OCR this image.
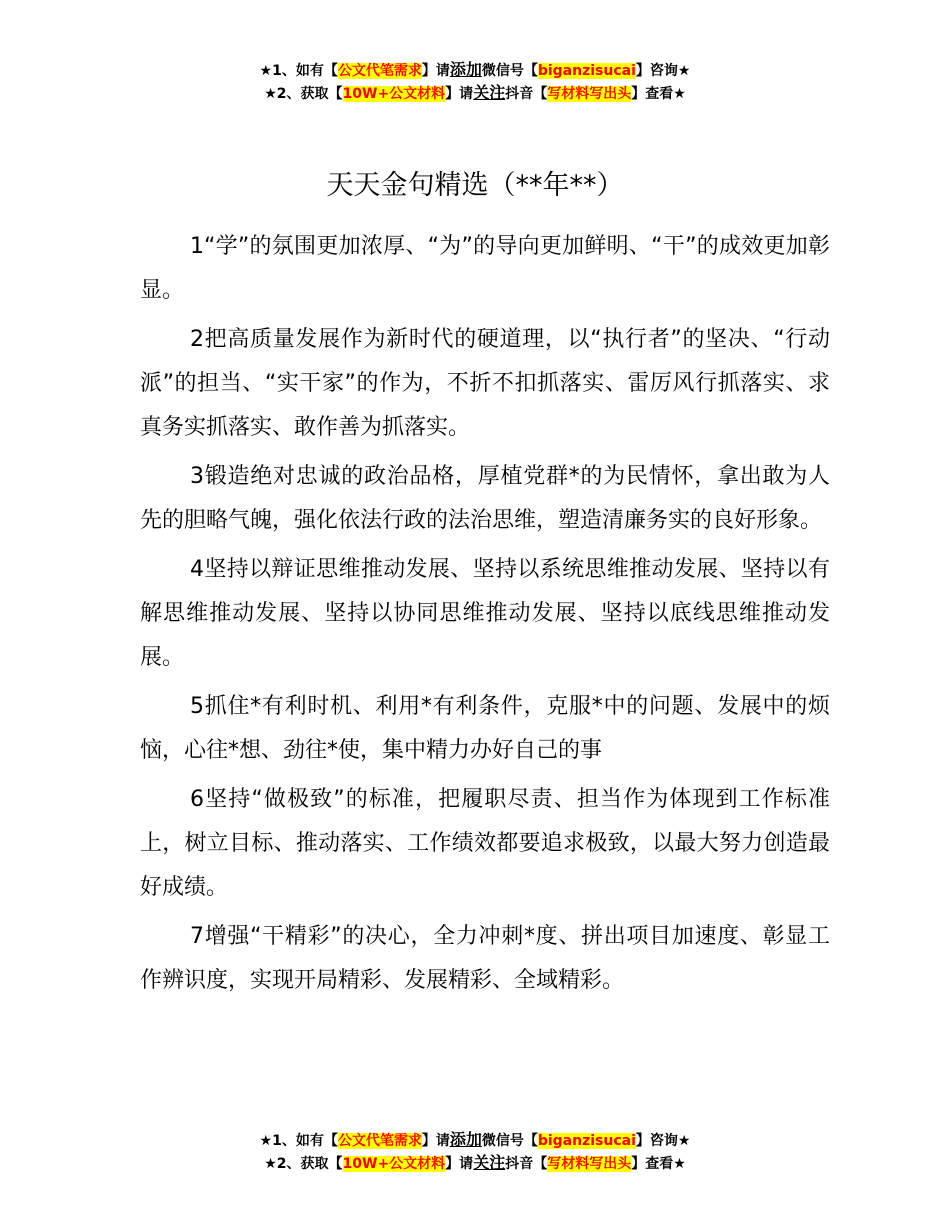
★1、如有【公文代笔需求】请添加微信号【biganzisucai】咨询★
★2、获取【10W+公文材料】请关注抖音【写材料写出头】查看★
天天金句精选（**年**）

1“学”的氛围更加浓厚、“为”的导向更加鲜明、“干”的成效更加彰显。

2把高质量发展作为新时代的硬道理，以“执行者”的坚决、“行动派”的担当、“实干家”的作为，不折不扣抓落实、雷厉风行抓落实、求真务实抓落实、敢作善为抓落实。

3锻造绝对忠诚的政治品格，厚植党群*的为民情怀，拿出敢为人先的胆略气魄，强化依法行政的法治思维，塑造清廉务实的良好形象。

4坚持以辩证思维推动发展、坚持以系统思维推动发展、坚持以有解思维推动发展、坚持以协同思维推动发展、坚持以底线思维推动发展。

5抓住*有利时机、利用*有利条件，克服*中的问题、发展中的烦恼，心往*想、劲往*使，集中精力办好自己的事

6坚持“做极致”的标准，把履职尽责、担当作为体现到工作标准上，树立目标、推动落实、工作绩效都要追求极致，以最大努力创造最好成绩。

7增强“干精彩”的决心，全力冲刺*度、拼出项目加速度、彰显工作辨识度，实现开局精彩、发展精彩、全域精彩。

★1、如有【公文代笔需求】请添加微信号【biganzisucai】咨询★
★2、获取【10W+公文材料】请关注抖音【写材料写出头】查看★
